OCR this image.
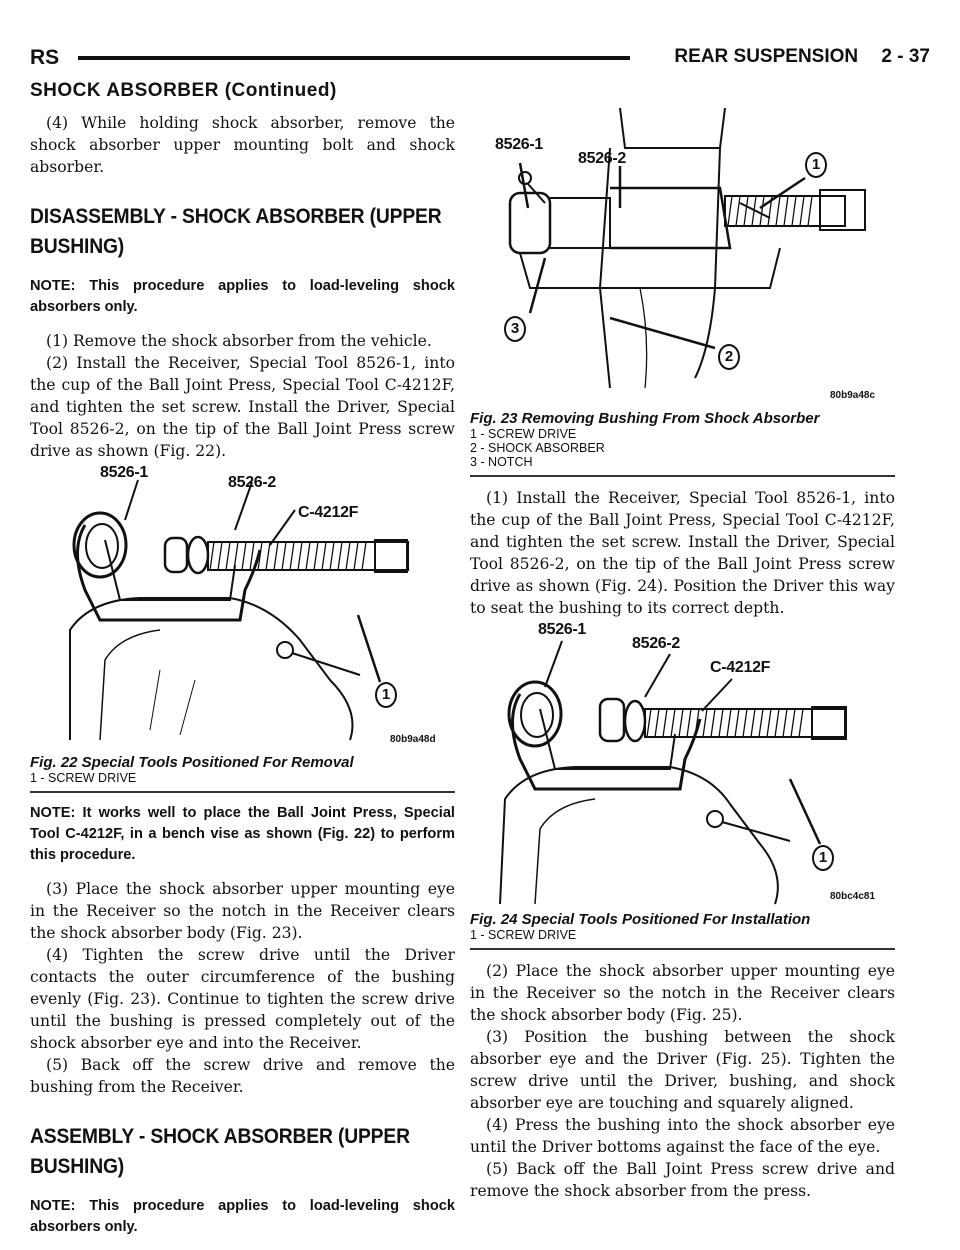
RS	REAR SUSPENSION 2 - 37
SHOCK ABSORBER (Continued)

(4) While holding shock absorber, remove the shock absorber upper mounting bolt and shock absorber.

DISASSEMBLY - SHOCK ABSORBER (UPPER BUSHING)
NOTE: This procedure applies to load-leveling shock absorbers only.

(1) Remove the shock absorber from the vehicle.

(2) Install the Receiver, Special Tool 8526-1, into the cup of the Ball Joint Press, Special Tool C-4212F, and tighten the set screw. Install the Driver, Special Tool 8526-2, on the tip of the Ball Joint Press screw drive as shown (Fig. 22).

8526-1
8526-2
C-4212F
1
80b9a48d
Fig. 22 Special Tools Positioned For Removal
1 - SCREW DRIVE
NOTE: It works well to place the Ball Joint Press, Special Tool C-4212F, in a bench vise as shown (Fig. 22) to perform this procedure.

(3) Place the shock absorber upper mounting eye in the Receiver so the notch in the Receiver clears the shock absorber body (Fig. 23).

(4) Tighten the screw drive until the Driver contacts the outer circumference of the bushing evenly (Fig. 23). Continue to tighten the screw drive until the bushing is pressed completely out of the shock absorber eye and into the Receiver.

(5) Back off the screw drive and remove the bushing from the Receiver.

ASSEMBLY - SHOCK ABSORBER (UPPER BUSHING)
NOTE: This procedure applies to load-leveling shock absorbers only.
8526-1
8526-2	1
2
3
80b9a48c
Fig. 23 Removing Bushing From Shock Absorber
1 - SCREW DRIVE
2 - SHOCK ABSORBER
3 - NOTCH

(1) Install the Receiver, Special Tool 8526-1, into the cup of the Ball Joint Press, Special Tool C-4212F, and tighten the set screw. Install the Driver, Special Tool 8526-2, on the tip of the Ball Joint Press screw drive as shown (Fig. 24). Position the Driver this way to seat the bushing to its correct depth.

8526-1
8526-2
C-4212F
1
80bc4c81
Fig. 24 Special Tools Positioned For Installation
1 - SCREW DRIVE

(2) Place the shock absorber upper mounting eye in the Receiver so the notch in the Receiver clears the shock absorber body (Fig. 25).

(3) Position the bushing between the shock absorber eye and the Driver (Fig. 25). Tighten the screw drive until the Driver, bushing, and shock absorber eye are touching and squarely aligned.

(4) Press the bushing into the shock absorber eye until the Driver bottoms against the face of the eye.

(5) Back off the Ball Joint Press screw drive and remove the shock absorber from the press.
